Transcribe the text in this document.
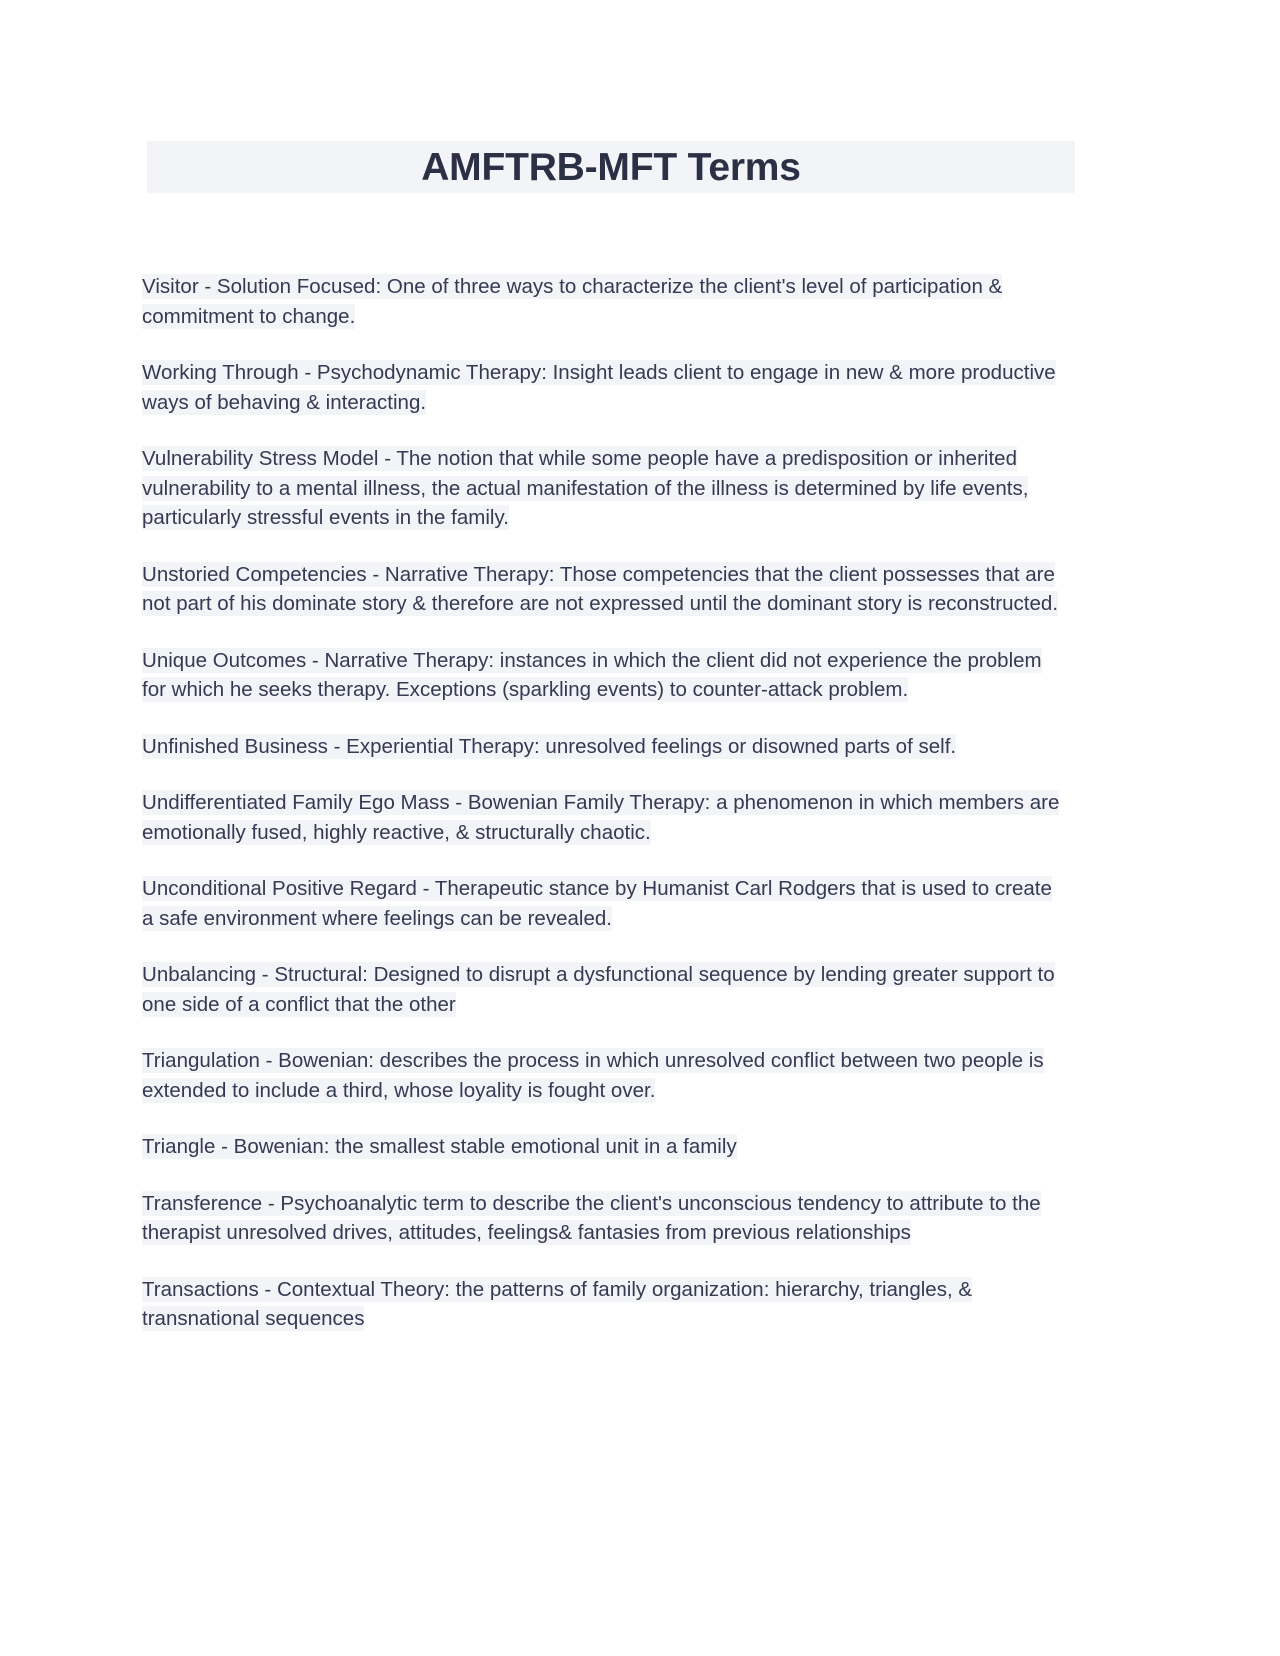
AMFTRB-MFT Terms

Visitor - Solution Focused: One of three ways to characterize the client's level of participation & commitment to change.

Working Through - Psychodynamic Therapy: Insight leads client to engage in new & more productive ways of behaving & interacting.

Vulnerability Stress Model - The notion that while some people have a predisposition or inherited vulnerability to a mental illness, the actual manifestation of the illness is determined by life events, particularly stressful events in the family.

Unstoried Competencies - Narrative Therapy: Those competencies that the client possesses that are not part of his dominate story & therefore are not expressed until the dominant story is reconstructed.

Unique Outcomes - Narrative Therapy: instances in which the client did not experience the problem for which he seeks therapy. Exceptions (sparkling events) to counter-attack problem.

Unfinished Business - Experiential Therapy: unresolved feelings or disowned parts of self.

Undifferentiated Family Ego Mass - Bowenian Family Therapy: a phenomenon in which members are emotionally fused, highly reactive, & structurally chaotic.

Unconditional Positive Regard - Therapeutic stance by Humanist Carl Rodgers that is used to create a safe environment where feelings can be revealed.

Unbalancing - Structural: Designed to disrupt a dysfunctional sequence by lending greater support to one side of a conflict that the other

Triangulation - Bowenian: describes the process in which unresolved conflict between two people is extended to include a third, whose loyality is fought over.

Triangle - Bowenian: the smallest stable emotional unit in a family

Transference - Psychoanalytic term to describe the client's unconscious tendency to attribute to the therapist unresolved drives, attitudes, feelings& fantasies from previous relationships

Transactions - Contextual Theory: the patterns of family organization: hierarchy, triangles, & transnational sequences
